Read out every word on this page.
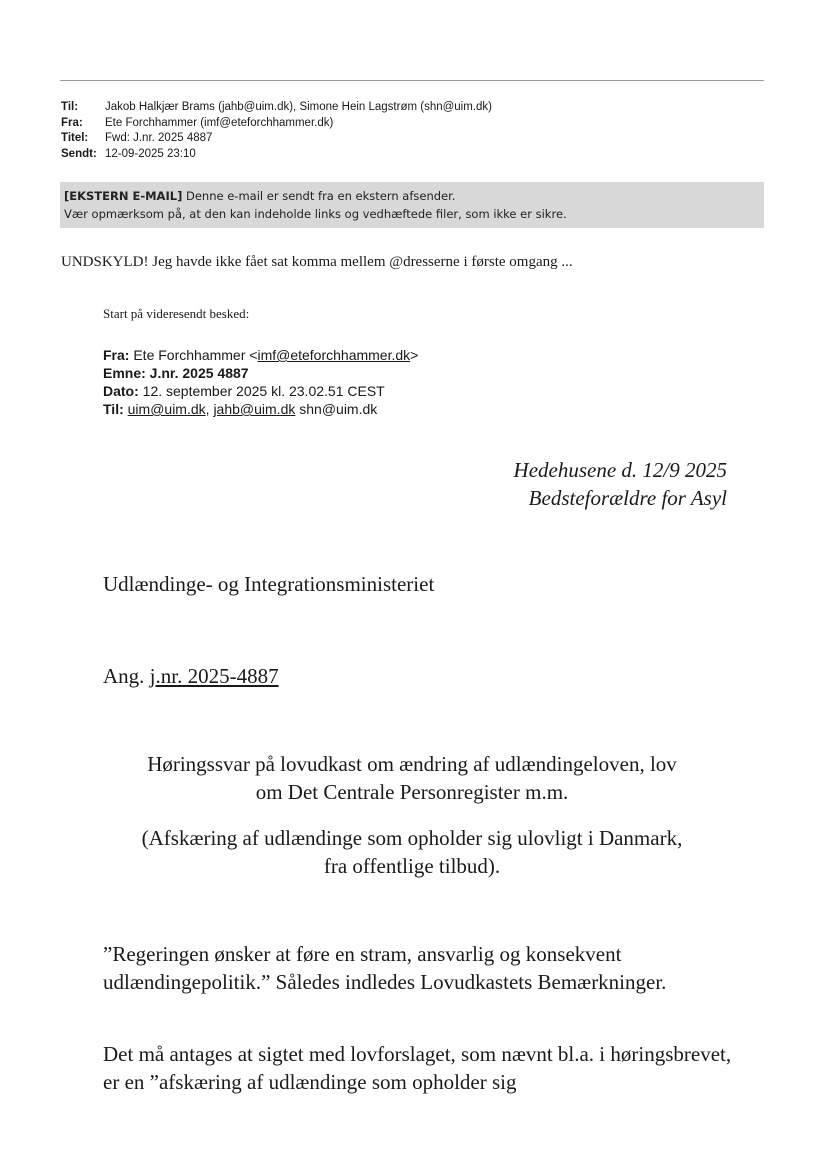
Til:	Jakob Halkjær Brams (jahb@uim.dk), Simone Hein Lagstrøm (shn@uim.dk)
Fra:	Ete Forchhammer (imf@eteforchhammer.dk)
Titel:	Fwd: J.nr. 2025 4887
Sendt: 12-09-2025 23:10
[EKSTERN E-MAIL] Denne e-mail er sendt fra en ekstern afsender.
Vær opmærksom på, at den kan indeholde links og vedhæftede filer, som ikke er sikre.
UNDSKYLD! Jeg havde ikke fået sat komma mellem @dresserne i første omgang ...
Start på videresendt besked:
Fra: Ete Forchhammer <imf@eteforchhammer.dk>
Emne: J.nr. 2025 4887
Dato: 12. september 2025 kl. 23.02.51 CEST
Til: uim@uim.dk, jahb@uim.dk shn@uim.dk
Hedehusene d. 12/9 2025
Bedsteforældre for Asyl
Udlændinge- og Integrationsministeriet
Ang. j.nr. 2025-4887
Høringssvar på lovudkast om ændring af udlændingeloven, lov
om Det Centrale Personregister m.m.
(Afskæring af udlændinge som opholder sig ulovligt i Danmark,
fra offentlige tilbud).
”Regeringen ønsker at føre en stram, ansvarlig og konsekvent udlændingepolitik.” Således indledes Lovudkastets Bemærkninger.
Det må antages at sigtet med lovforslaget, som nævnt bl.a. i høringsbrevet, er en ”afskæring af udlændinge som opholder sig
